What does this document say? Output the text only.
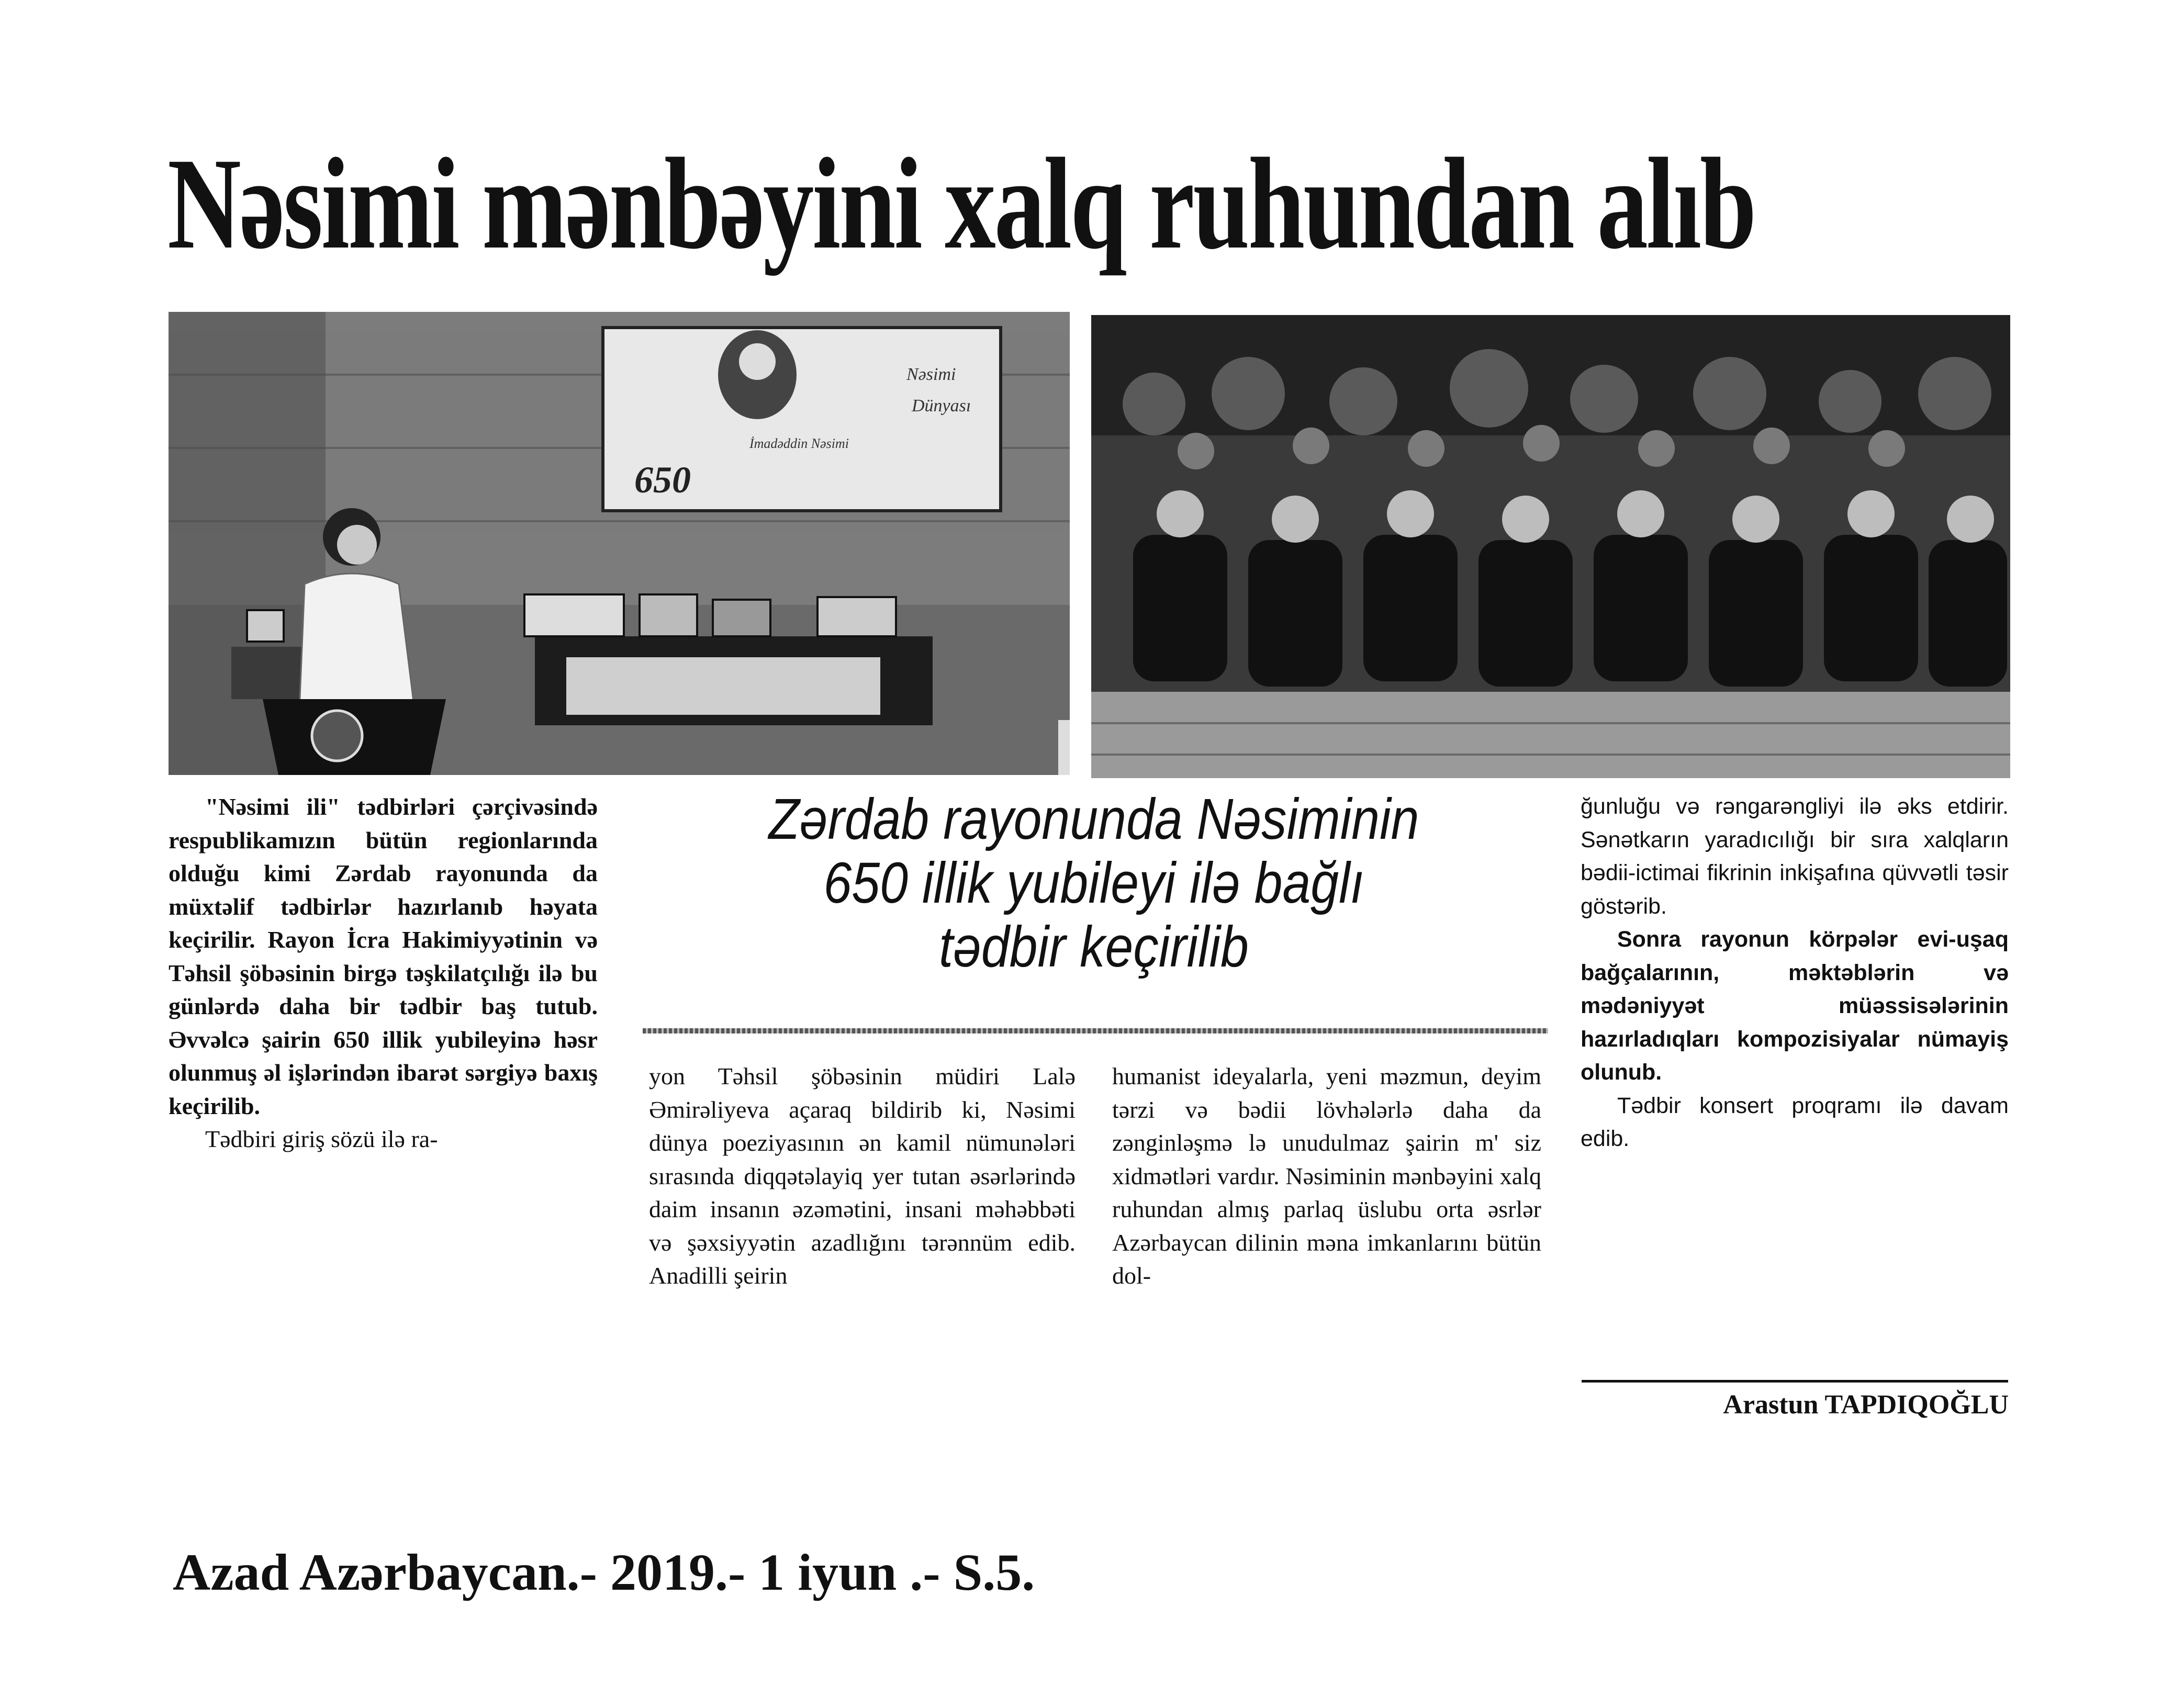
Nəsimi mənbəyini xalq ruhundan alıb
650
Nəsimi
Dünyası
İmadəddin Nəsimi

"Nəsimi ili" tədbirləri çərçivəsində respublikamızın bütün regionlarında olduğu kimi Zərdab rayonunda da müxtəlif tədbirlər hazırlanıb həyata keçirilir. Rayon İcra Hakimiyyətinin və Təhsil şöbəsinin birgə təşkilatçılığı ilə bu günlərdə daha bir tədbir baş tutub. Əvvəlcə şairin 650 illik yubileyinə həsr olunmuş əl işlərindən ibarət sərgiyə baxış keçirilib.

Tədbiri giriş sözü ilə ra-

Zərdab rayonunda Nəsiminin
650 illik yubileyi ilə bağlı
tədbir keçirilib

yon Təhsil şöbəsinin müdiri Lalə Əmirəliyeva açaraq bildirib ki, Nəsimi dünya poeziyasının ən kamil nümunələri sırasında diqqətəlayiq yer tutan əsərlərində daim insanın əzəmətini, insani məhəbbəti və şəxsiyyətin azadlığını tərənnüm edib. Anadilli şeirin

humanist ideyalarla, yeni məzmun, deyim tərzi və bədii lövhələrlə daha da zənginləşmə lə unudulmaz şairin m' siz xidmətləri vardır. Nəsiminin mənbəyini xalq ruhundan almış parlaq üslubu orta əsrlər Azərbaycan dilinin məna imkanlarını bütün dol-

ğunluğu və rəngarəngliyi ilə əks etdirir. Sənətkarın yaradıcılığı bir sıra xalqların bədii-ictimai fikrinin inkişafına qüvvətli təsir göstərib.

Sonra rayonun körpələr evi-uşaq bağçalarının, məktəblərin və mədəniyyət müəssisələrinin hazırladıqları kompozisiyalar nümayiş olunub.

Tədbir konsert proqramı ilə davam edib.

Arastun TAPDIQOĞLU
Azad Azərbaycan.- 2019.- 1 iyun .- S.5.
